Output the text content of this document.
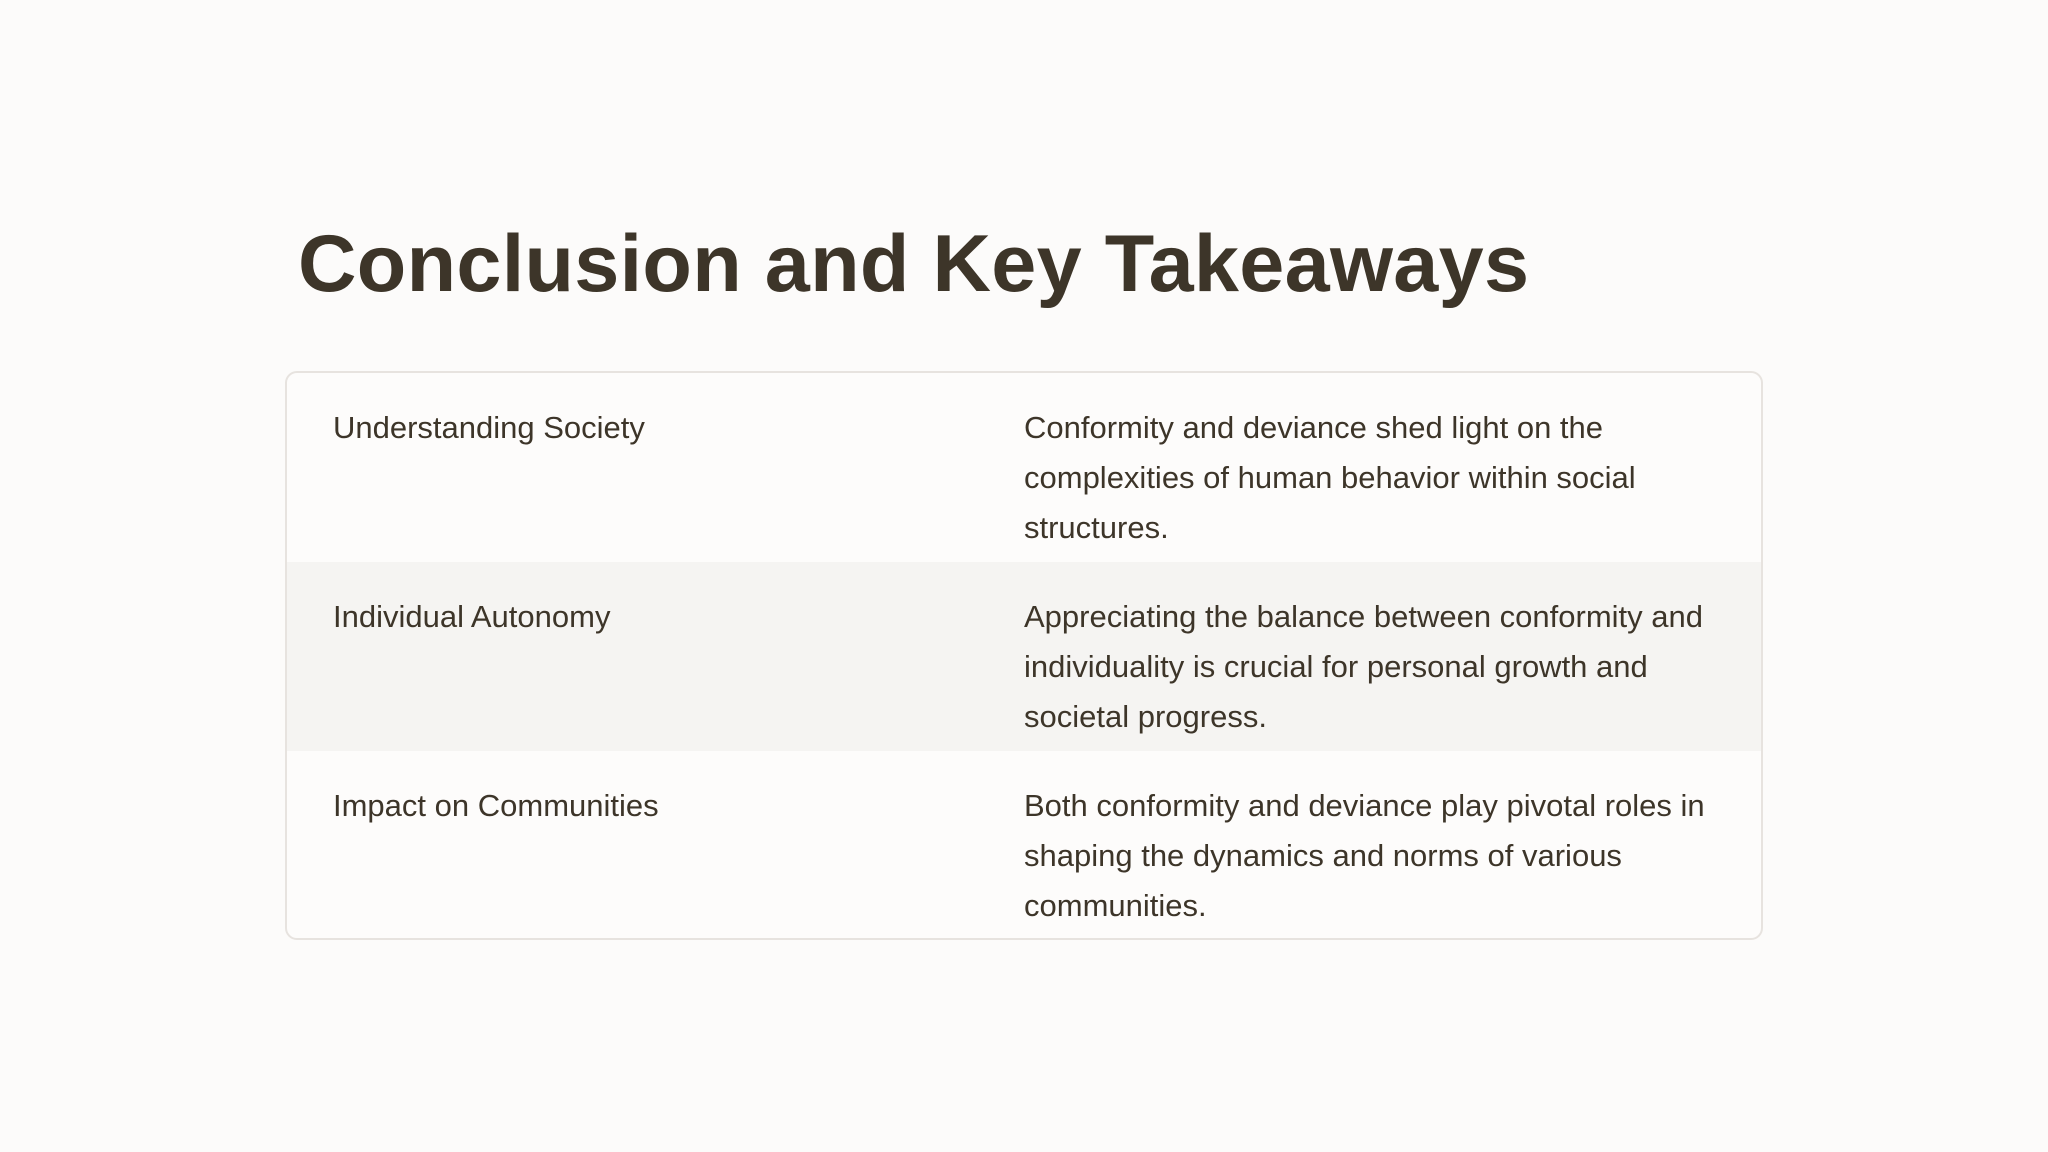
Conclusion and Key Takeaways
Understanding Society	Conformity and deviance shed light on the complexities of human behavior within social structures.
Individual Autonomy	Appreciating the balance between conformity and individuality is crucial for personal growth and societal progress.
Impact on Communities	Both conformity and deviance play pivotal roles in shaping the dynamics and norms of various communities.
